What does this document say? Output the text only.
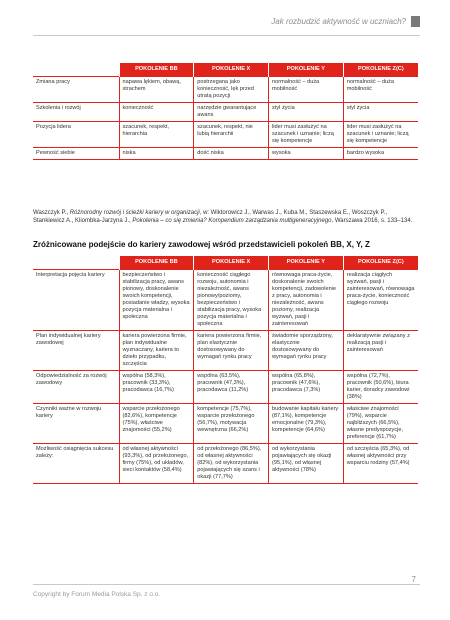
Jak rozbudzić aktywność w uczniach?
	POKOLENIE BB	POKOLENIE X	POKOLENIE Y	POKOLENIE Z(C)
Zmiana pracy	napawa lękiem, obawą, strachem	postrzegana jako konieczność, lęk przed utratą pozycji	normalność – duża mobilność	normalność – duża mobilność
Szkolenia i rozwój	konieczność	narzędzie gwarantujące awans	styl życia	styl życia
Pozycja lidera	szacunek, respekt, hierarchia	szacunek, respekt, nie lubią hierarchii	lider musi zasłużyć na szacunek i uznanie; liczą się kompetencje	lider musi zasłużyć na szacunek i uznanie; liczą się kompetencje
Pewność siebie	niska	dość niska	wysoka	bardzo wysoka
Waszczyk P., Różnorodny rozwój i ścieżki kariery w organizacji, w: Wiktorowicz J., Warwas J., Kuba M., Staszewska E., Woszczyk P., Stankiewicz A., Kliombka-Jarzyna J., Pokolenia – co się zmienia? Kompendium zarządzania multigeneracyjnego, Warszawa 2016, s. 133–134.
Zróżnicowane podejście do kariery zawodowej wśród przedstawicieli pokoleń BB, X, Y, Z
	POKOLENIE BB	POKOLENIE X	POKOLENIE Y	POKOLENIE Z(C)
Interpretacja pojęcia kariery	bezpieczeństwo i stabilizacja pracy, awans pionowy, doskonalenie swoich kompetencji, posiadanie władzy, wysoka pozycja materialna i społeczna	konieczność ciągłego rozwoju, autonomia i niezależność, awans pionowy/poziomy, bezpieczeństwo i stabilizacja pracy, wysoka pozycja materialna i społeczna	równowaga praca-życie, doskonalenie swoich kompetencji, zadowolenie z pracy, autonomia i niezależność, awans poziomy, realizacja wyzwań, pasji i zainteresowań	realizacja ciągłych wyzwań, pasji i zainteresowań, równowaga praca-życie, konieczność ciągłego rozwoju
Plan indywidualnej kariery zawodowej	kariera powierzona firmie, plan indywidualne wyznaczany, kariera to dzieło przypadku, szczęścia	kariera powierzona firmie, plan elastycznie dostosowywany do wymagań rynku pracy	świadomie sporządzony, elastycznie dostosowywany do wymagań rynku pracy	deklaratywnie związany z realizacją pasji i zainteresowań
Odpowiedzialność za rozwój zawodowy	wspólna (58,3%), pracownik (33,3%), pracodawca (16,7%)	wspólna (63,5%), pracownik (47,3%), pracodawca (11,2%)	wspólna (65,8%), pracownik (47,6%), pracodawca (7,3%)	wspólna (72,7%), pracownik (50,6%), biura karier, doradcy zawodowi (38%)
Czynniki ważne w rozwoju kariery	wsparcie przełożonego (82,6%), kompetencje (75%), właściwe znajomości (55,2%)	kompetencje (75,7%), wsparcie przełożonego (56,7%), motywacja wewnętrzna (66,2%)	budowanie kapitału kariery (87,1%), kompetencje emocjonalne (79,3%), kompetencje (64,6%)	właściwe znajomości (79%), wsparcie najbliższych (66,5%), własne predyspozycje, preferencje (61,7%)
Możliwość osiągnięcia sukcesu zależy:	od własnej aktywności (93,3%), od przełożonego, firmy (75%), od układów, sieci kontaktów (58,4%)	od przełożonego (86,5%), od własnej aktywności (82%), od wykorzystania pojawiających się szans i okazji (77,7%)	od wykorzystania pojawiających się okazji (95,1%), od własnej aktywności (78%)	od szczęścia (65,3%), od własnej aktywności przy wsparciu rodziny (57,4%)
7
Copyright by Forum Media Polska Sp. z o.o.
